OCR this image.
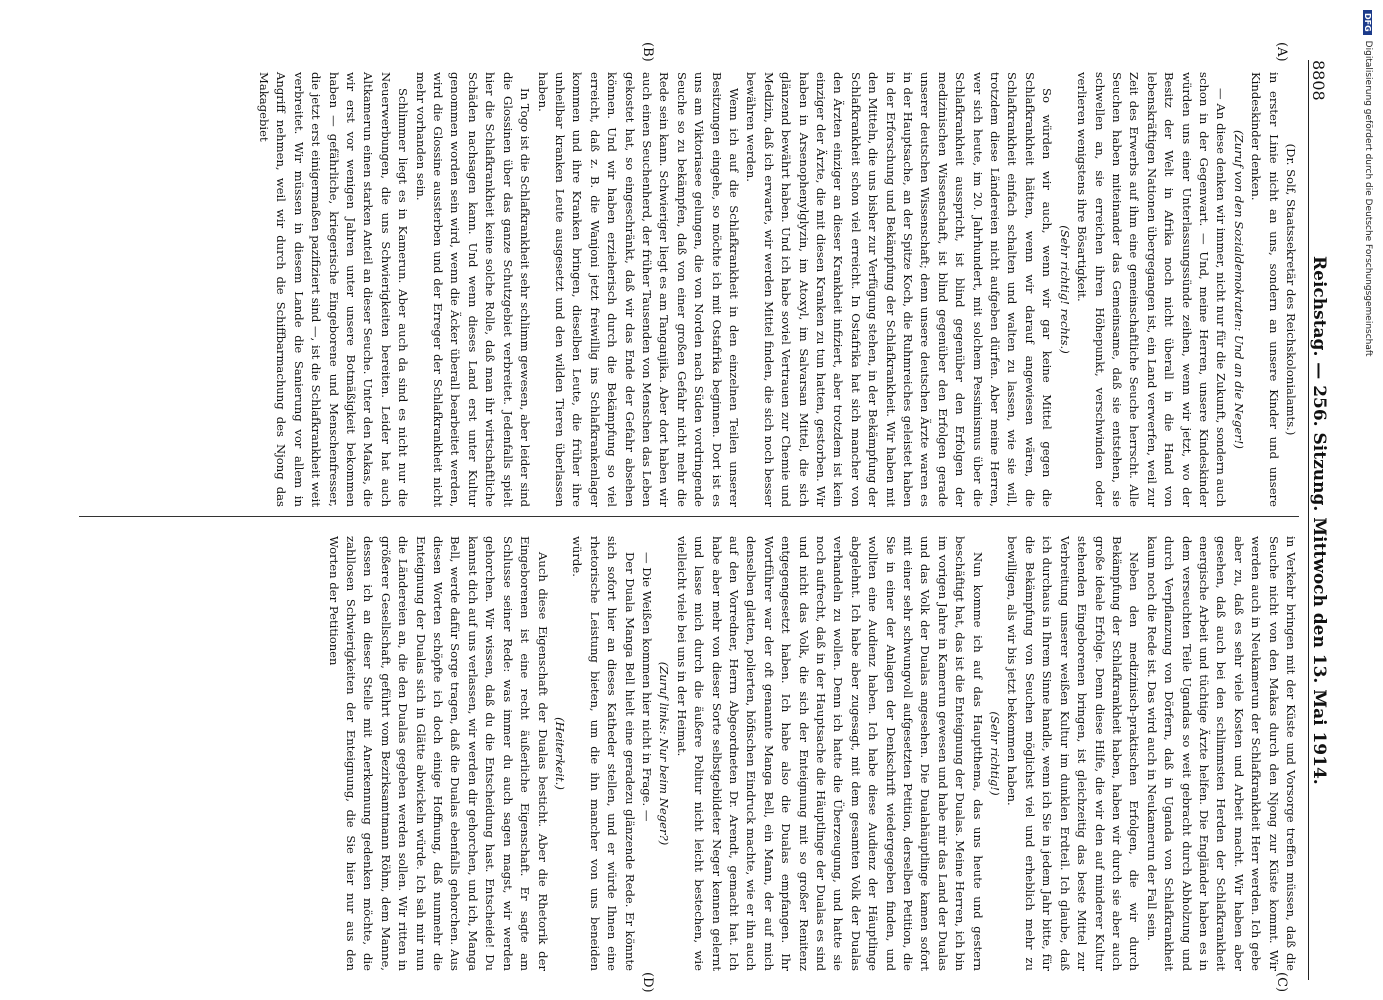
8808
Reichstag. — 256. Sitzung. Mittwoch den 13. Mai 1914.
(A)
(B)
(C)
(D)

(Dr. Solf, Staatssekretär des Reichskolonialamts.)

in erster Linie nicht an uns, sondern an unsere Kinder und unsere Kindeskinder denken.

(Zuruf von den Sozialdemokraten: Und an die Neger!)

— An diese denken wir immer, nicht nur für die Zukunft, sondern auch schon in der Gegenwart. — Und, meine Herren, unsere Kindeskinder würden uns einer Unterlassungssünde zeihen, wenn wir jetzt, wo der Besitz der Welt in Afrika noch nicht überall in die Hand von lebenskräftigen Nationen übergegangen ist, ein Land verwerfen, weil zur Zeit des Erwerbs auf ihm eine gemeinschaftliche Seuche herrscht. Alle Seuchen haben miteinander das Gemeinsame, daß sie entstehen, sie schwellen an, sie erreichen ihren Höhepunkt, verschwinden oder verlieren wenigstens ihre Bösartigkeit.

(Sehr richtig! rechts.)

So würden wir auch, wenn wir gar keine Mittel gegen die Schlafkrankheit hätten, wenn wir darauf angewiesen wären, die Schlafkrankheit einfach schalten und walten zu lassen, wie sie will, trotzdem diese Ländereien nicht aufgeben dürfen. Aber meine Herren, wer sich heute, im 20. Jahrhundert, mit solchem Pessimismus über die Schlafkrankheit ausspricht, ist blind gegenüber den Erfolgen der medizinischen Wissenschaft, ist blind gegenüber den Erfolgen gerade unserer deutschen Wissenschaft; denn unsere deutschen Ärzte waren es in der Hauptsache, an der Spitze Koch, die Ruhmreiches geleistet haben in der Erforschung und Bekämpfung der Schlafkrankheit. Wir haben mit den Mitteln, die uns bisher zur Verfügung stehen, in der Bekämpfung der Schlafkrankheit schon viel erreicht. In Ostafrika hat sich mancher von den Ärzten einziger an dieser Krankheit infiziert, aber trotzdem ist kein einziger der Ärzte, die mit diesen Kranken zu tun hatten, gestorben. Wir haben in Arsenophenylglyzin, im Atoxyl, im Salvarsan Mittel, die sich glänzend bewährt haben. Und ich habe soviel Vertrauen zur Chemie und Medizin, daß ich erwarte, wir werden Mittel finden, die sich noch besser bewähren werden.

Wenn ich auf die Schlafkrankheit in den einzelnen Teilen unserer Besitzungen eingehe, so möchte ich mit Ostafrika beginnen. Dort ist es uns am Viktoriasee gelungen, die von Norden nach Süden vordringende Seuche so zu bekämpfen, daß von einer großen Gefahr nicht mehr die Rede sein kann. Schwieriger liegt es am Tanganjika. Aber dort haben wir auch einen Seuchenherd, der früher Tausenden von Menschen das Leben gekostet hat, so eingeschränkt, daß wir das Ende der Gefahr absehen können. Und wir haben erzieherisch durch die Bekämpfung so viel erreicht, daß z. B. die Wanjoni jetzt freiwillig ins Schlafkrankenlager kommen und ihre Kranken bringen, dieselben Leute, die früher ihre unheilbar kranken Leute ausgesetzt und den wilden Tieren überlassen haben.

In Togo ist die Schlafkrankheit sehr schlimm gewesen, aber leider sind die Glossinen über das ganze Schutzgebiet verbreitet. Jedenfalls spielt hier die Schlafkrankheit keine solche Rolle, daß man ihr wirtschaftliche Schäden nachsagen kann. Und wenn dieses Land erst unter Kultur genommen worden sein wird, wenn die Äcker überall bearbeitet werden, wird die Glossine aussterben und der Erreger der Schlafkrankheit nicht mehr vorhanden sein.

Schlimmer liegt es in Kamerun. Aber auch da sind es nicht nur die Neuerwerbungen, die uns Schwierigkeiten bereiten. Leider hat auch Altkamerun einen starken Anteil an dieser Seuche. Unter den Makas, die wir erst vor wenigen Jahren unter unsere Botmäßigkeit bekommen haben — gefährliche, kriegerische Eingeborene und Menschenfresser, die jetzt erst einigermaßen pazifiziert sind —, ist die Schlafkrankheit weit verbreitet. Wir müssen in diesem Lande die Sanierung vor allem in Angriff nehmen, weil wir durch die Schiffbarmachung des Njong das Makagebiet

in Verkehr bringen mit der Küste und Vorsorge treffen müssen, daß die Seuche nicht von den Makas durch den Njong zur Küste kommt. Wir werden auch in Neukamerun der Schlafkrankheit Herr werden. Ich gebe aber zu, daß es sehr viele Kosten und Arbeit macht. Wir haben aber gesehen, daß auch bei den schlimmsten Herden der Schlafkrankheit energische Arbeit und tüchtige Ärzte helfen. Die Engländer haben es in dem verseuchten Teile Ugandas so weit gebracht durch Abholzung und durch Verpflanzung von Dörfern, daß in Uganda von Schlafkrankheit kaum noch die Rede ist. Das wird auch in Neukamerun der Fall sein.

Neben den medizinisch-praktischen Erfolgen, die wir durch Bekämpfung der Schlafkrankheit haben, haben wir durch sie aber auch große ideale Erfolge. Denn diese Hilfe, die wir den auf minderer Kultur stehenden Eingeborenen bringen, ist gleichzeitig das beste Mittel zur Verbreitung unserer weißen Kultur im dunklen Erdteil. Ich glaube, daß ich durchaus in Ihrem Sinne handle, wenn ich Sie in jedem Jahr bitte, für die Bekämpfung von Seuchen möglichst viel und erheblich mehr zu bewilligen, als wir bis jetzt bekommen haben.

(Sehr richtig!)

Nun komme ich auf das Hauptthema, das uns heute und gestern beschäftigt hat, das ist die Enteignung der Dualas. Meine Herren, ich bin im vorigen Jahre in Kamerun gewesen und habe mir das Land der Dualas und das Volk der Dualas angesehen. Die Dualahäuptlinge kamen sofort mit einer sehr schwungvoll aufgesetzten Petition, derselben Petition, die Sie in einer der Anlagen der Denkschrift wiedergegeben finden, und wollten eine Audienz haben. Ich habe diese Audienz der Häuptlinge abgelehnt. Ich habe aber zugesagt, mit dem gesamten Volk der Dualas verhandeln zu wollen. Denn ich hatte die Überzeugung, und hatte sie noch aufrecht, daß in der Hauptsache die Häuptlinge der Dualas es sind und nicht das Volk, die sich der Enteignung mit so großer Renitenz entgegengesetzt haben. Ich habe also die Dualas empfangen. Ihr Wortführer war der oft genannte Manga Bell, ein Mann, der auf mich denselben glatten, polierten, höfischen Eindruck machte, wie er ihn auch auf den Vorredner, Herrn Abgeordneten Dr. Arendt, gemacht hat. Ich habe aber mehr von dieser Sorte selbstgebildeter Neger kennen gelernt und lasse mich durch die äußere Politur nicht leicht bestechen, wie vielleicht viele bei uns in der Heimat.

(Zuruf links: Nur beim Neger?)

— Die Weißen kommen hier nicht in Frage. —

Der Duala Manga Bell hielt eine geradezu glänzende Rede. Er könnte sich sofort hier an dieses Katheder stellen, und er würde Ihnen eine rhetorische Leistung bieten, um die ihn mancher von uns beneiden würde.

(Heiterkeit.)

Auch diese Eigenschaft der Dualas besticht. Aber die Rhetorik der Eingeborenen ist eine recht äußerliche Eigenschaft. Er sagte am Schlusse seiner Rede: was immer du auch sagen magst, wir werden gehorchen. Wir wissen, daß du die Entscheidung hast. Entscheide! Du kannst dich auf uns verlassen, wir werden dir gehorchen, und ich, Manga Bell, werde dafür Sorge tragen, daß die Dualas ebenfalls gehorchen. Aus diesen Worten schöpfte ich doch einige Hoffnung, daß nunmehr die Enteignung der Dualas sich in Glätte abwickeln würde. Ich sah mir nun die Ländereien an, die den Dualas gegeben werden sollen. Wir ritten in größerer Gesellschaft, geführt vom Bezirksamtmann Röhm, dem Manne, dessen ich an dieser Stelle mit Anerkennung gedenken möchte, die zahllosen Schwierigkeiten der Enteignung, die Sie hier nur aus den Worten der Petitionen

DFG
Digitalisierung gefördert durch die Deutsche Forschungsgemeinschaft
